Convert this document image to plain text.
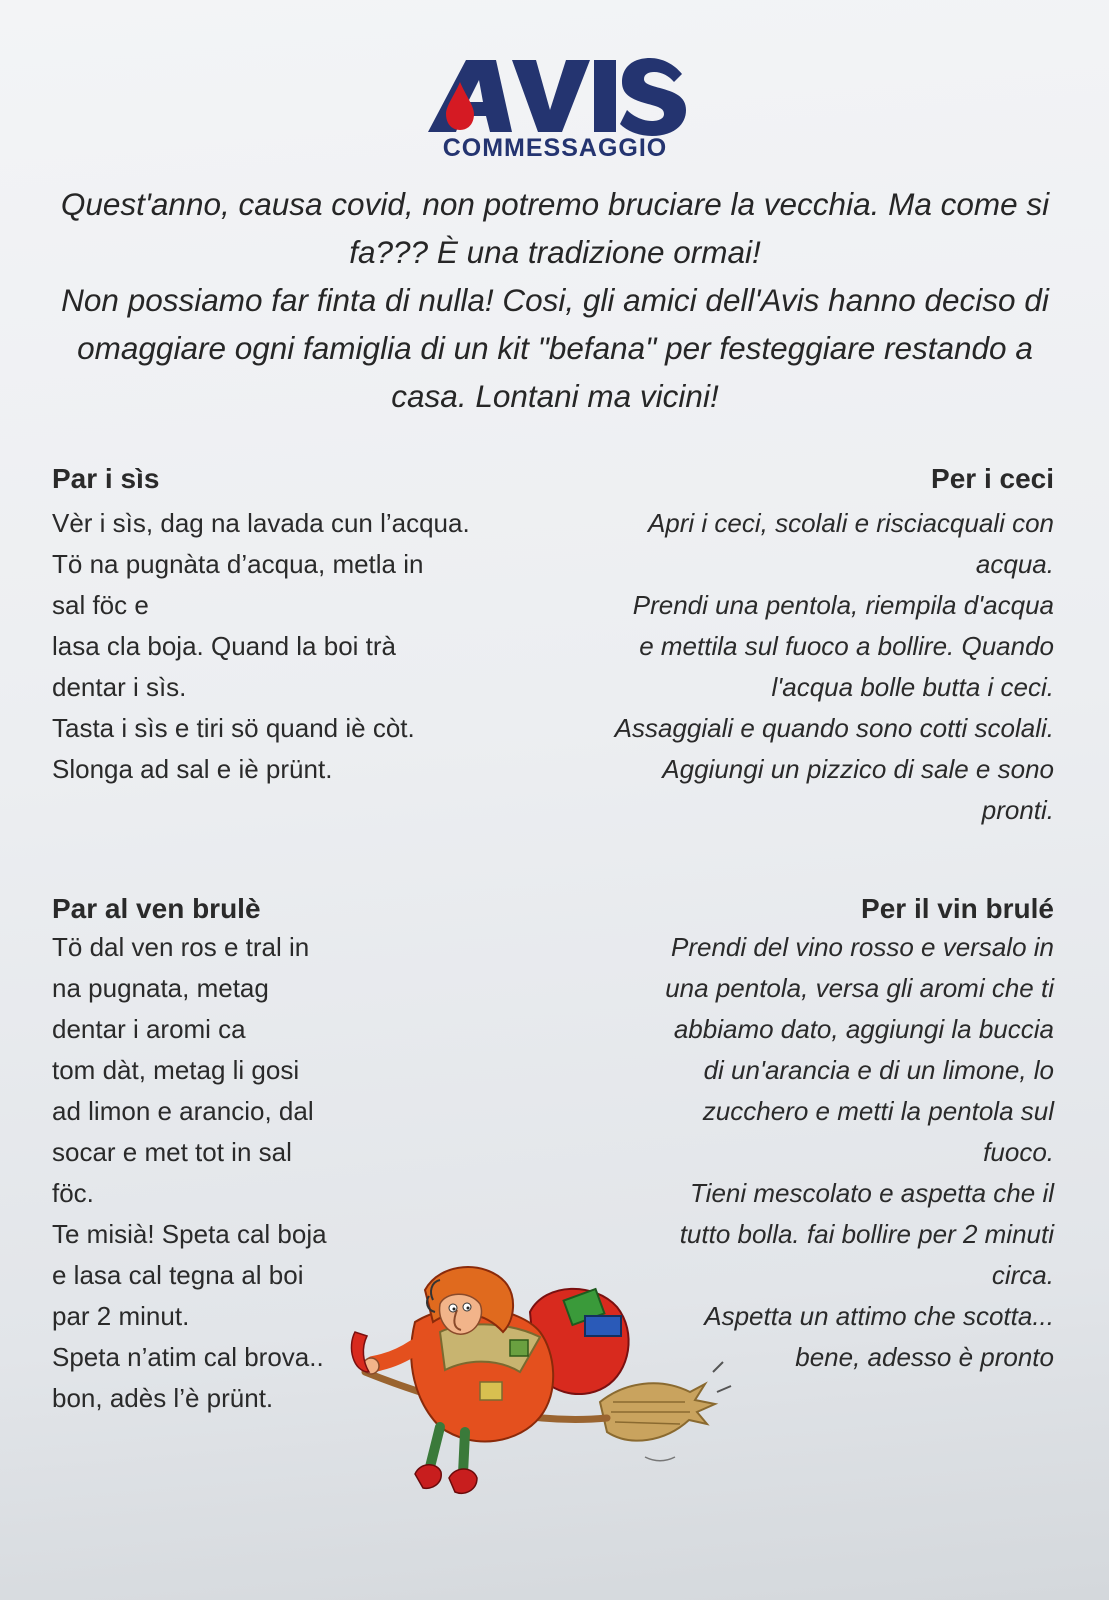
COMMESSAGGIO

Quest'anno, causa covid, non potremo bruciare la vecchia. Ma come si fa??? È una tradizione ormai!

Non possiamo far finta di nulla! Cosi, gli amici dell'Avis hanno deciso di omaggiare ogni famiglia di un kit "befana" per festeggiare restando a casa. Lontani ma vicini!

Par i sìs
Vèr i sìs, dag na lavada cun l’acqua.
Tö na pugnàta d’acqua, metla in
sal föc e
lasa cla boja. Quand la boi trà
dentar i sìs.
Tasta i sìs e tiri sö quand iè còt.
Slonga ad sal e iè prünt.
Per i ceci
Apri i ceci, scolali e risciacquali con
acqua.
Prendi una pentola, riempila d'acqua
e mettila sul fuoco a bollire. Quando
l'acqua bolle butta i ceci.
Assaggiali e quando sono cotti scolali.
Aggiungi un pizzico di sale e sono
pronti.
Par al ven brulè
Tö dal ven ros e tral in
na pugnata, metag
dentar i aromi ca
tom dàt, metag li gosi
ad limon e arancio, dal
socar e met tot in sal
föc.
Te misià! Speta cal boja
e lasa cal tegna al boi
par 2 minut.
Speta n’atim cal brova..
bon, adès l’è prünt.
Per il vin brulé
Prendi del vino rosso e versalo in
una pentola, versa gli aromi che ti
abbiamo dato, aggiungi la buccia
di un'arancia e di un limone, lo
zucchero e metti la pentola sul
fuoco.
Tieni mescolato e aspetta che il
tutto bolla. fai bollire per 2 minuti
circa.
Aspetta un attimo che scotta...
bene, adesso è pronto
